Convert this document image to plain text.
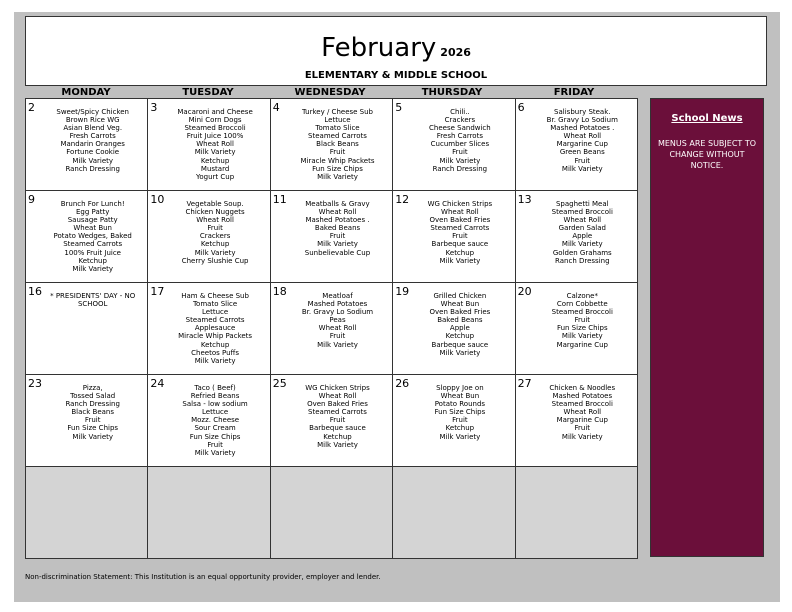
February 2026
ELEMENTARY & MIDDLE SCHOOL
MONDAY	TUESDAY	WEDNESDAY	THURSDAY	FRIDAY
2	Sweet/Spicy Chicken
Brown Rice WG
Asian Blend Veg.
Fresh Carrots
Mandarin Oranges
Fortune Cookie
Milk Variety
Ranch Dressing
3	Macaroni and Cheese
Mini Corn Dogs
Steamed Broccoli
Fruit Juice 100%
Wheat Roll
Milk Variety
Ketchup
Mustard
Yogurt Cup
4	Turkey / Cheese Sub
Lettuce
Tomato Slice
Steamed Carrots
Black Beans
Fruit
Miracle Whip Packets
Fun Size Chips
Milk Variety
5	Chili..
Crackers
Cheese Sandwich
Fresh Carrots
Cucumber Slices
Fruit
Milk Variety
Ranch Dressing
6	Salisbury Steak.
Br. Gravy Lo Sodium
Mashed Potatoes .
Wheat Roll
Margarine Cup
Green Beans
Fruit
Milk Variety
9	Brunch For Lunch!
Egg Patty
Sausage Patty
Wheat Bun
Potato Wedges, Baked
Steamed Carrots
100% Fruit Juice
Ketchup
Milk Variety
10	Vegetable Soup.
Chicken Nuggets
Wheat Roll
Fruit
Crackers
Ketchup
Milk Variety
Cherry Slushie Cup
11	Meatballs & Gravy
Wheat Roll
Mashed Potatoes .
Baked Beans
Fruit
Milk Variety
Sunbelievable Cup
12	WG Chicken Strips
Wheat Roll
Oven Baked Fries
Steamed Carrots
Fruit
Barbeque sauce
Ketchup
Milk Variety
13	Spaghetti Meal
Steamed Broccoli
Wheat Roll
Garden Salad
Apple
Milk Variety
Golden Grahams
Ranch Dressing
16	* PRESIDENTS' DAY - NO
SCHOOL
17	Ham & Cheese Sub
Tomato Slice
Lettuce
Steamed Carrots
Applesauce
Miracle Whip Packets
Ketchup
Cheetos Puffs
Milk Variety
18	Meatloaf
Mashed Potatoes
Br. Gravy Lo Sodium
Peas
Wheat Roll
Fruit
Milk Variety
19	Grilled Chicken
Wheat Bun
Oven Baked Fries
Baked Beans
Apple
Ketchup
Barbeque sauce
Milk Variety
20	Calzone*
Corn Cobbette
Steamed Broccoli
Fruit
Fun Size Chips
Milk Variety
Margarine Cup
23	Pizza,
Tossed Salad
Ranch Dressing
Black Beans
Fruit
Fun Size Chips
Milk Variety
24	Taco ( Beef)
Refried Beans
Salsa - low sodium
Lettuce
Mozz. Cheese
Sour Cream
Fun Size Chips
Fruit
Milk Variety
25	WG Chicken Strips
Wheat Roll
Oven Baked Fries
Steamed Carrots
Fruit
Barbeque sauce
Ketchup
Milk Variety
26	Sloppy Joe on
Wheat Bun
Potato Rounds
Fun Size Chips
Fruit
Ketchup
Milk Variety
27	Chicken & Noodles
Mashed Potatoes
Steamed Broccoli
Wheat Roll
Margarine Cup
Fruit
Milk Variety
School News
MENUS ARE SUBJECT TO CHANGE WITHOUT NOTICE.
Non-discrimination Statement: This Institution is an equal opportunity provider, employer and lender.
